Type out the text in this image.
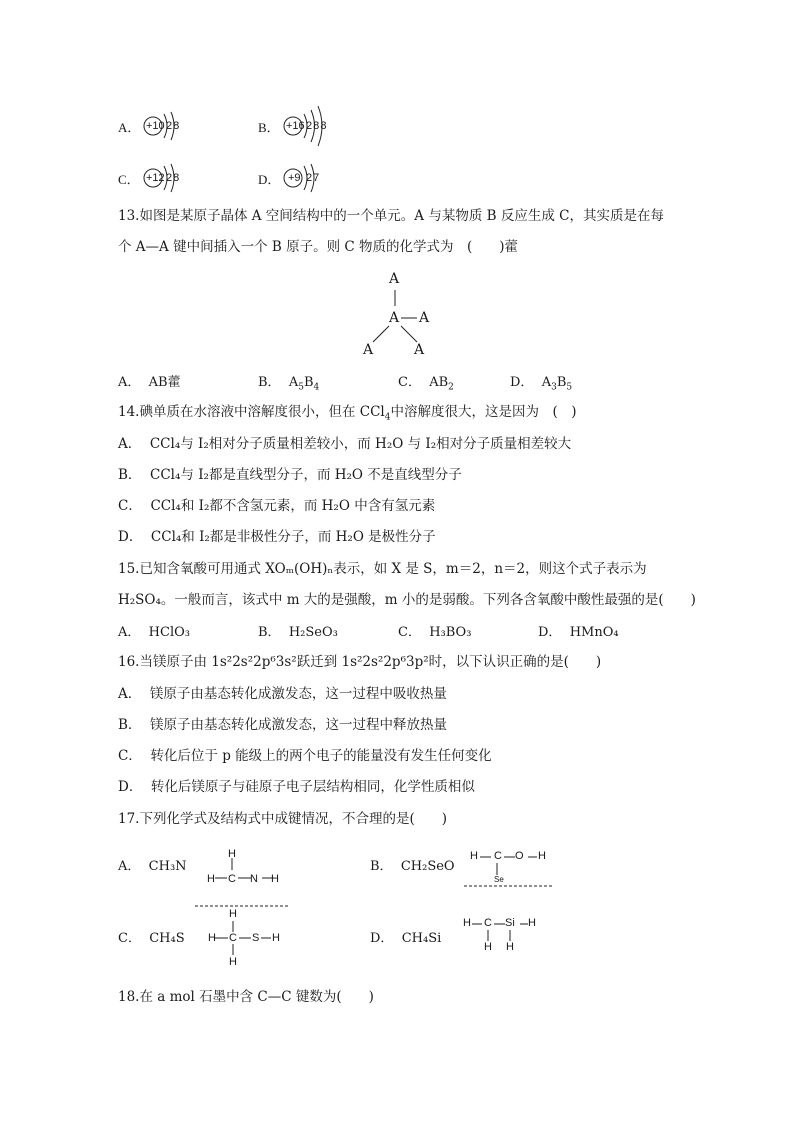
A． +10 2 8	B． +16 2 8 8
C． +12 2 8	D． +9 2 7
13.如图是某原子晶体 A 空间结构中的一个单元。A 与某物质 B 反应生成 C，其实质是在每
个 A—A 键中间插入一个 B 原子。则 C 物质的化学式为　(　　)藿
A
A A
A	A
A． AB藿	B． $A_5B_4$	C． $AB_2$	D． $A_3B_5$
14.碘单质在水溶液中溶解度很小，但在 CCl$_4$中溶解度很大，这是因为　(　)
A． CCl₄与 I₂相对分子质量相差较小，而 H₂O 与 I₂相对分子质量相差较大
B． CCl₄与 I₂都是直线型分子，而 H₂O 不是直线型分子
C． CCl₄和 I₂都不含氢元素，而 H₂O 中含有氢元素
D． CCl₄和 I₂都是非极性分子，而 H₂O 是极性分子
15.已知含氧酸可用通式 XOₘ(OH)ₙ表示，如 X 是 S，m＝2，n＝2，则这个式子表示为
H₂SO₄。一般而言，该式中 m 大的是强酸，m 小的是弱酸。下列各含氧酸中酸性最强的是(　　)
A． HClO₃	B． H₂SeO₃	C． H₃BO₃	D． HMnO₄
16.当镁原子由 1s²2s²2p⁶3s²跃迁到 1s²2s²2p⁶3p²时，以下认识正确的是(　　)
A． 镁原子由基态转化成激发态，这一过程中吸收热量
B． 镁原子由基态转化成激发态，这一过程中释放热量
C． 转化后位于 p 能级上的两个电子的能量没有发生任何变化
D． 转化后镁原子与硅原子电子层结构相同，化学性质相似
17.下列化学式及结构式中成键情况，不合理的是(　　)
A． CH₃N
H
H C N H
B． CH₂SeO
H C O H
Se
C． CH₄S
H
H C S H
H
D． CH₄Si
H C Si H
H H
18.在 a mol 石墨中含 C—C 键数为(　　)
